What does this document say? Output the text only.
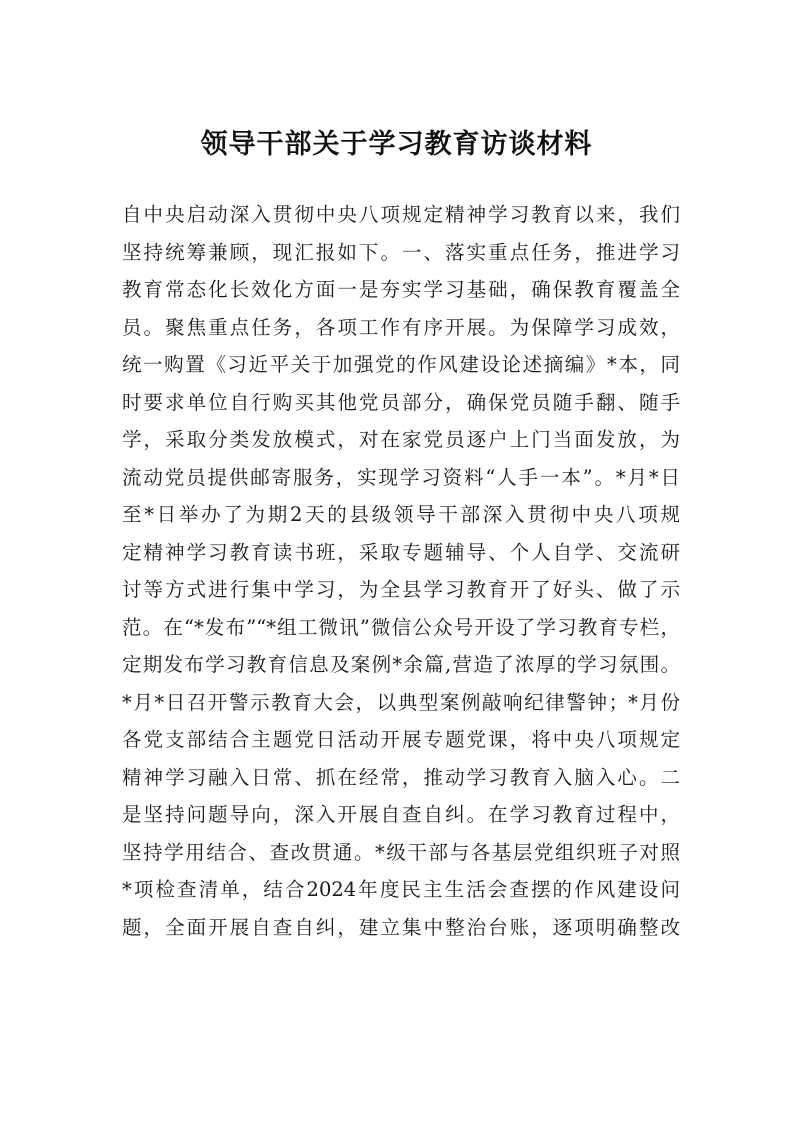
领导干部关于学习教育访谈材料
自中央启动深入贯彻中央八项规定精神学习教育以来，我们
坚持统筹兼顾，现汇报如下。一、落实重点任务，推进学习
教育常态化长效化方面一是夯实学习基础，确保教育覆盖全
员。聚焦重点任务，各项工作有序开展。为保障学习成效，
统一购置《习近平关于加强党的作风建设论述摘编》*本，同
时要求单位自行购买其他党员部分，确保党员随手翻、随手
学，采取分类发放模式，对在家党员逐户上门当面发放，为
流动党员提供邮寄服务，实现学习资料“人手一本”。*月*日
至*日举办了为期2天的县级领导干部深入贯彻中央八项规
定精神学习教育读书班，采取专题辅导、个人自学、交流研
讨等方式进行集中学习，为全县学习教育开了好头、做了示
范。在“*发布”“*组工微讯”微信公众号开设了学习教育专栏，
定期发布学习教育信息及案例*余篇,营造了浓厚的学习氛围。
*月*日召开警示教育大会，以典型案例敲响纪律警钟；*月份
各党支部结合主题党日活动开展专题党课，将中央八项规定
精神学习融入日常、抓在经常，推动学习教育入脑入心。二
是坚持问题导向，深入开展自查自纠。在学习教育过程中，
坚持学用结合、查改贯通。*级干部与各基层党组织班子对照
*项检查清单，结合2024年度民主生活会查摆的作风建设问
题，全面开展自查自纠，建立集中整治台账，逐项明确整改
